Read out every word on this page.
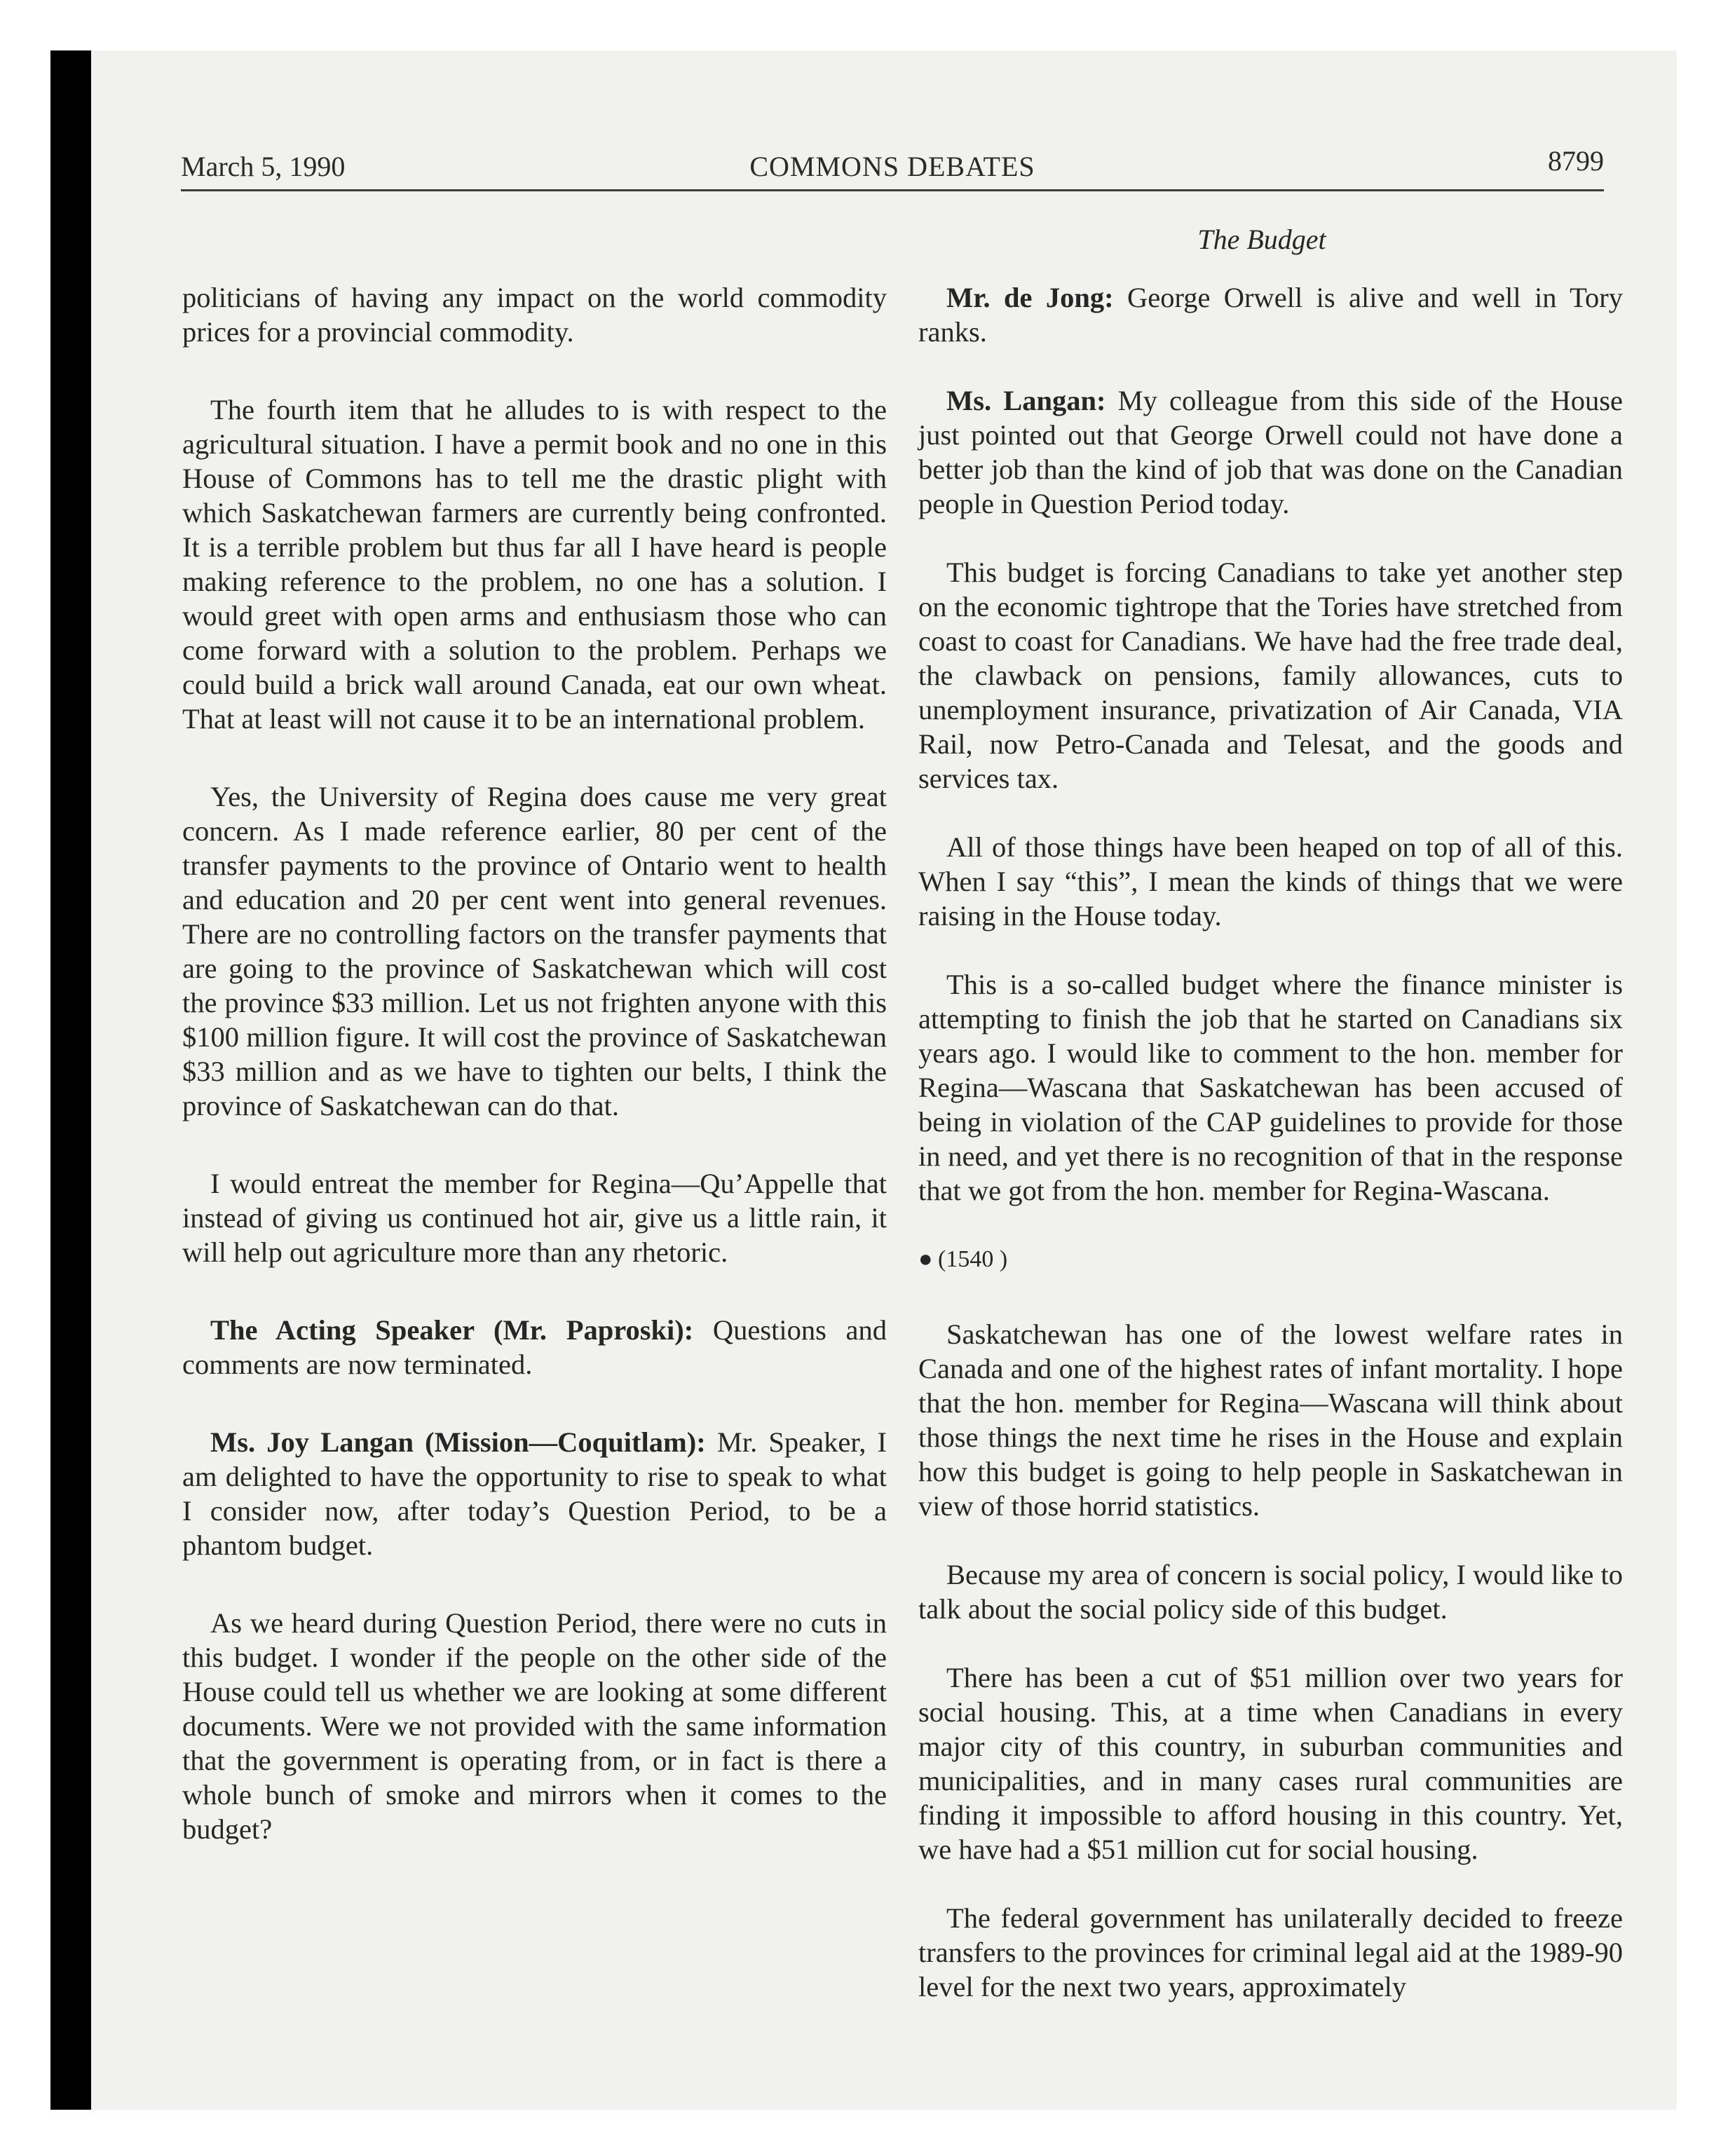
March 5, 1990	COMMONS DEBATES	8799
The Budget

politicians of having any impact on the world commodity prices for a provincial commodity.

The fourth item that he alludes to is with respect to the agricultural situation. I have a permit book and no one in this House of Commons has to tell me the drastic plight with which Saskatchewan farmers are currently being confronted. It is a terrible problem but thus far all I have heard is people making reference to the problem, no one has a solution. I would greet with open arms and enthusiasm those who can come forward with a solution to the problem. Perhaps we could build a brick wall around Canada, eat our own wheat. That at least will not cause it to be an international problem.

Yes, the University of Regina does cause me very great concern. As I made reference earlier, 80 per cent of the transfer payments to the province of Ontario went to health and education and 20 per cent went into general revenues. There are no controlling factors on the transfer payments that are going to the province of Saskatchewan which will cost the province $33 million. Let us not frighten anyone with this $100 million figure. It will cost the province of Saskatchewan $33 million and as we have to tighten our belts, I think the province of Saskatchewan can do that.

I would entreat the member for Regina—Qu’Appelle that instead of giving us continued hot air, give us a little rain, it will help out agriculture more than any rhetoric.

The Acting Speaker (Mr. Paproski): Questions and comments are now terminated.

Ms. Joy Langan (Mission—Coquitlam): Mr. Speaker, I am delighted to have the opportunity to rise to speak to what I consider now, after today’s Question Period, to be a phantom budget.

As we heard during Question Period, there were no cuts in this budget. I wonder if the people on the other side of the House could tell us whether we are looking at some different documents. Were we not provided with the same information that the government is operating from, or in fact is there a whole bunch of smoke and mirrors when it comes to the budget?

Mr. de Jong: George Orwell is alive and well in Tory ranks.

Ms. Langan: My colleague from this side of the House just pointed out that George Orwell could not have done a better job than the kind of job that was done on the Canadian people in Question Period today.

This budget is forcing Canadians to take yet another step on the economic tightrope that the Tories have stretched from coast to coast for Canadians. We have had the free trade deal, the clawback on pensions, family allowances, cuts to unemployment insurance, privatization of Air Canada, VIA Rail, now Petro-Canada and Telesat, and the goods and services tax.

All of those things have been heaped on top of all of this. When I say “this”, I mean the kinds of things that we were raising in the House today.

This is a so-called budget where the finance minister is attempting to finish the job that he started on Canadians six years ago. I would like to comment to the hon. member for Regina—Wascana that Saskatchewan has been accused of being in violation of the CAP guidelines to provide for those in need, and yet there is no recognition of that in the response that we got from the hon. member for Regina-Wascana.

● (1540 )

Saskatchewan has one of the lowest welfare rates in Canada and one of the highest rates of infant mortality. I hope that the hon. member for Regina—Wascana will think about those things the next time he rises in the House and explain how this budget is going to help people in Saskatchewan in view of those horrid statistics.

Because my area of concern is social policy, I would like to talk about the social policy side of this budget.

There has been a cut of $51 million over two years for social housing. This, at a time when Canadians in every major city of this country, in suburban communities and municipalities, and in many cases rural communities are finding it impossible to afford housing in this country. Yet, we have had a $51 million cut for social housing.

The federal government has unilaterally decided to freeze transfers to the provinces for criminal legal aid at the 1989-90 level for the next two years, approximately
